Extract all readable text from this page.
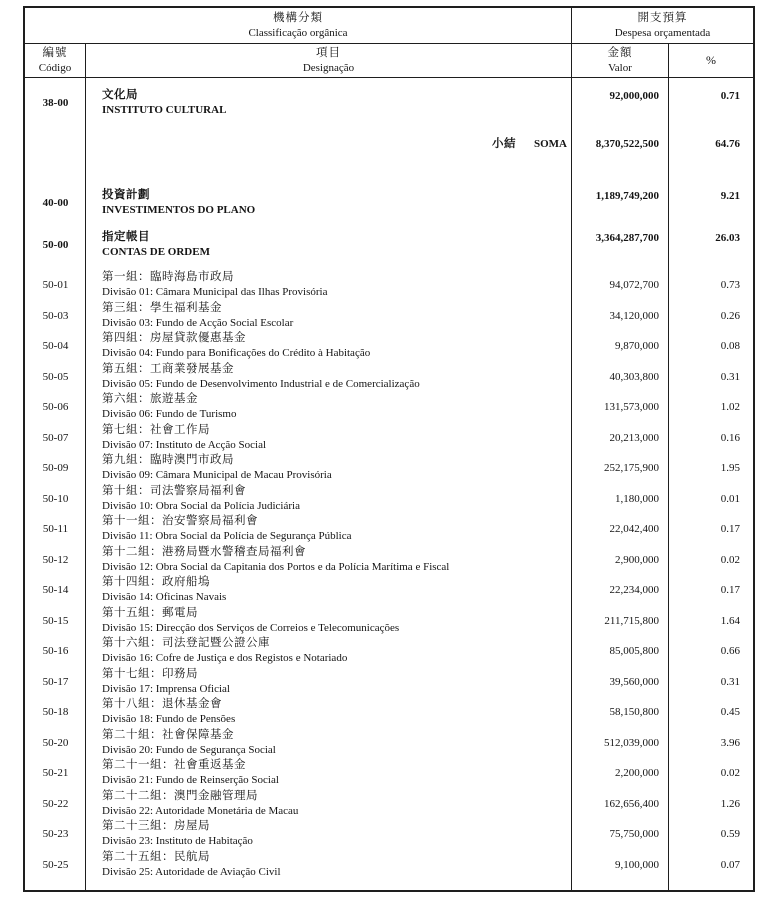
機構分類
Classificação orgânica
開支預算
Despesa orçamentada
編號
Código
項目
Designação
金額
Valor
%
38-00
文化局
INSTITUTO CULTURAL
92,000,000	0.71
小結 SOMA	8,370,522,500	64.76
40-00
投資計劃
INVESTIMENTOS DO PLANO
1,189,749,200	9.21
50-00
指定帳目
CONTAS DE ORDEM
3,364,287,700	26.03
50-01
第一組：臨時海島市政局
Divisão 01: Câmara Municipal das Ilhas Provisória
94,072,700	0.73
50-03
第三組：學生福利基金
Divisão 03: Fundo de Acção Social Escolar
34,120,000	0.26
50-04
第四組：房屋貸款優惠基金
Divisão 04: Fundo para Bonificações do Crédito à Habitação
9,870,000	0.08
50-05
第五組：工商業發展基金
Divisão 05: Fundo de Desenvolvimento Industrial e de Comercialização
40,303,800	0.31
50-06
第六組：旅遊基金
Divisão 06: Fundo de Turismo
131,573,000	1.02
50-07
第七組：社會工作局
Divisão 07: Instituto de Acção Social
20,213,000	0.16
50-09
第九組：臨時澳門市政局
Divisão 09: Câmara Municipal de Macau Provisória
252,175,900	1.95
50-10
第十組：司法警察局福利會
Divisão 10: Obra Social da Polícia Judiciária
1,180,000	0.01
50-11
第十一組：治安警察局福利會
Divisão 11: Obra Social da Polícia de Segurança Pública
22,042,400	0.17
50-12
第十二組：港務局暨水警稽查局福利會
Divisão 12: Obra Social da Capitania dos Portos e da Polícia Marítima e Fiscal
2,900,000	0.02
50-14
第十四組：政府船塢
Divisão 14: Oficinas Navais
22,234,000	0.17
50-15
第十五組：郵電局
Divisão 15: Direcção dos Serviços de Correios e Telecomunicações
211,715,800	1.64
50-16
第十六組：司法登記暨公證公庫
Divisão 16: Cofre de Justiça e dos Registos e Notariado
85,005,800	0.66
50-17
第十七組：印務局
Divisão 17: Imprensa Oficial
39,560,000	0.31
50-18
第十八組：退休基金會
Divisão 18: Fundo de Pensões
58,150,800	0.45
50-20
第二十組：社會保障基金
Divisão 20: Fundo de Segurança Social
512,039,000	3.96
50-21
第二十一組：社會重返基金
Divisão 21: Fundo de Reinserção Social
2,200,000	0.02
50-22
第二十二組：澳門金融管理局
Divisão 22: Autoridade Monetária de Macau
162,656,400	1.26
50-23
第二十三組：房屋局
Divisão 23: Instituto de Habitação
75,750,000	0.59
50-25
第二十五組：民航局
Divisão 25: Autoridade de Aviação Civil
9,100,000	0.07
